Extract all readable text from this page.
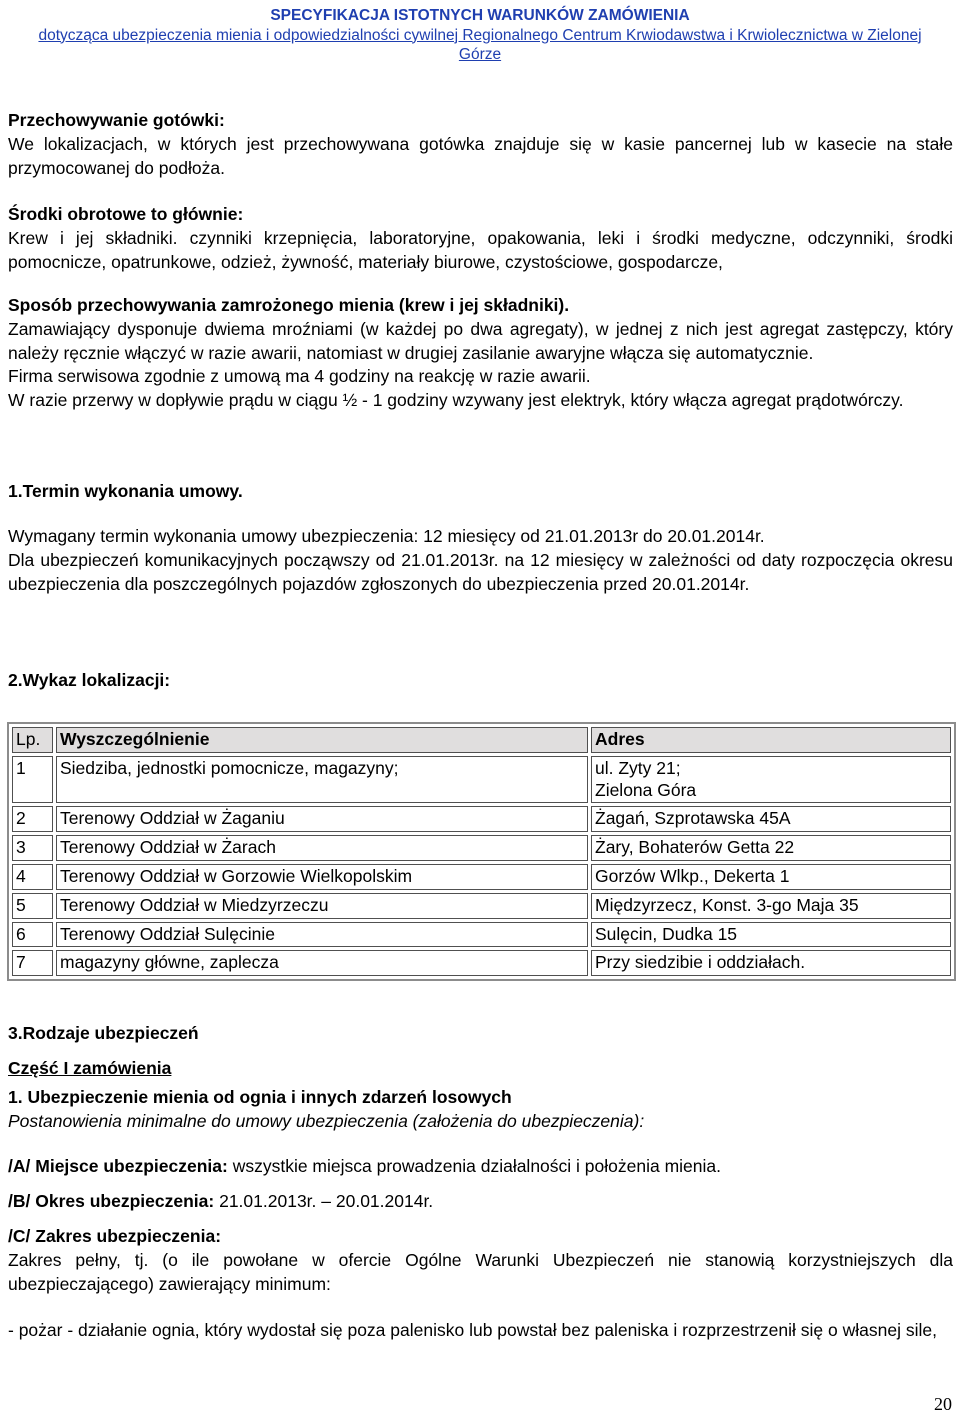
SPECYFIKACJA ISTOTNYCH WARUNKÓW ZAMÓWIENIA
dotycząca ubezpieczenia mienia i odpowiedzialności cywilnej Regionalnego Centrum Krwiodawstwa i Krwiolecznictwa w Zielonej
Górze
Przechowywanie gotówki:
We lokalizacjach, w których jest przechowywana gotówka znajduje się w kasie pancernej lub w kasecie na stałe przymocowanej do podłoża.
Środki obrotowe to głównie:
Krew i jej składniki. czynniki krzepnięcia, laboratoryjne, opakowania, leki i środki medyczne, odczynniki, środki pomocnicze, opatrunkowe, odzież, żywność, materiały biurowe, czystościowe, gospodarcze,
Sposób przechowywania zamrożonego mienia (krew i jej składniki).
Zamawiający dysponuje dwiema mroźniami (w każdej po dwa agregaty), w jednej z nich jest agregat zastępczy, który należy ręcznie włączyć w razie awarii, natomiast w drugiej zasilanie awaryjne włącza się automatycznie.
Firma serwisowa zgodnie z umową ma 4 godziny na reakcję w razie awarii.
W razie przerwy w dopływie prądu w ciągu ½ - 1 godziny wzywany jest elektryk, który włącza agregat prądotwórczy.
1.Termin wykonania umowy.
Wymagany termin wykonania umowy ubezpieczenia: 12 miesięcy od 21.01.2013r do 20.01.2014r.
Dla ubezpieczeń komunikacyjnych począwszy od 21.01.2013r. na 12 miesięcy w zależności od daty rozpoczęcia okresu ubezpieczenia dla poszczególnych pojazdów zgłoszonych do ubezpieczenia przed 20.01.2014r.
2.Wykaz lokalizacji:
Lp.	Wyszczególnienie	Adres
1	Siedziba, jednostki pomocnicze, magazyny;	ul. Zyty 21;
Zielona Góra

2	Terenowy Oddział w Żaganiu	Żagań, Szprotawska 45A
3	Terenowy Oddział w Żarach	Żary, Bohaterów Getta 22
4	Terenowy Oddział w Gorzowie Wielkopolskim	Gorzów Wlkp., Dekerta 1
5	Terenowy Oddział w Miedzyrzeczu	Międzyrzecz, Konst. 3-go Maja 35
6	Terenowy Oddział Sulęcinie	Sulęcin, Dudka 15
7	magazyny główne, zaplecza	Przy siedzibie i oddziałach.
3.Rodzaje ubezpieczeń
Część I zamówienia
1. Ubezpieczenie mienia od ognia i innych zdarzeń losowych
Postanowienia minimalne do umowy ubezpieczenia (założenia do ubezpieczenia):
/A/ Miejsce ubezpieczenia: wszystkie miejsca prowadzenia działalności i położenia mienia.
/B/ Okres ubezpieczenia: 21.01.2013r. – 20.01.2014r.
/C/ Zakres ubezpieczenia:
Zakres pełny, tj. (o ile powołane w ofercie Ogólne Warunki Ubezpieczeń nie stanowią korzystniejszych dla ubezpieczającego) zawierający minimum:
- pożar - działanie ognia, który wydostał się poza palenisko lub powstał bez paleniska i rozprzestrzenił się o własnej sile,
20
